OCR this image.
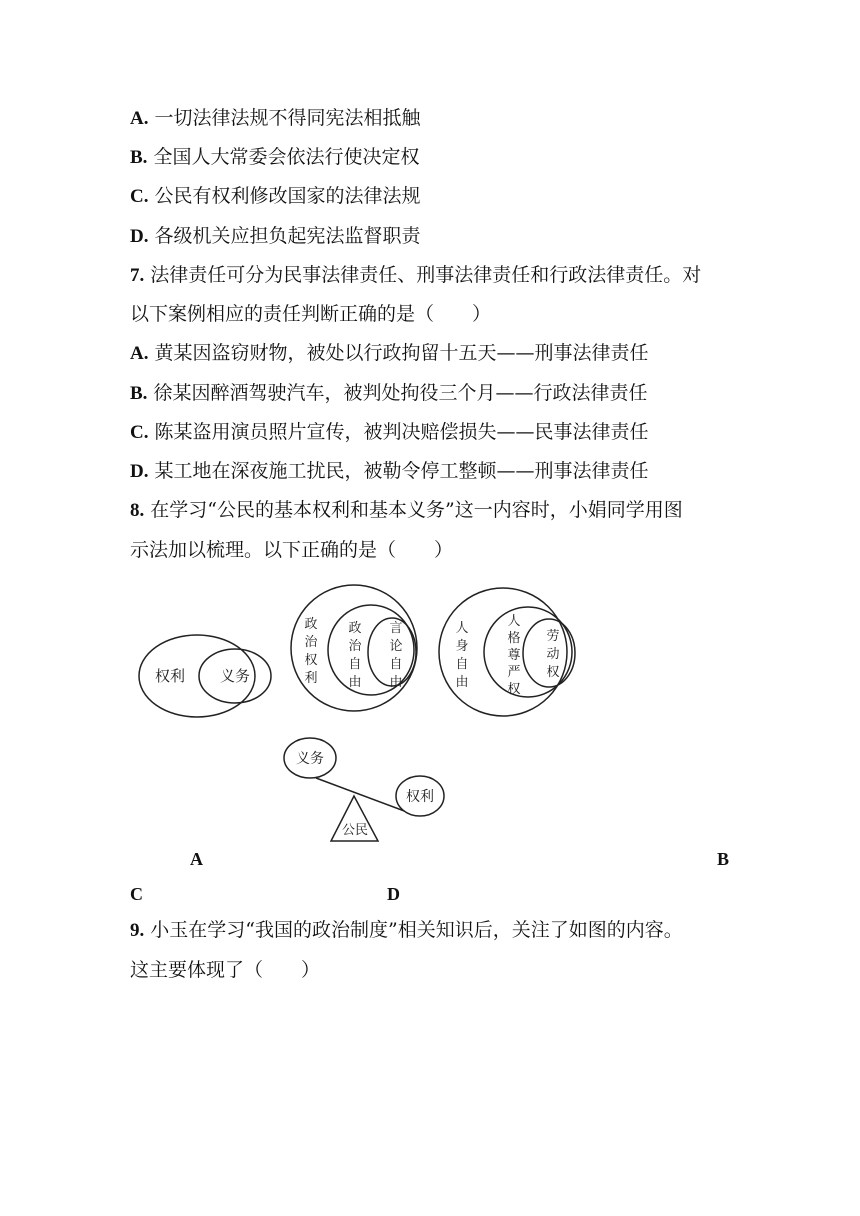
A. 一切法律法规不得同宪法相抵触
B. 全国人大常委会依法行使决定权
C. 公民有权利修改国家的法律法规
D. 各级机关应担负起宪法监督职责
7. 法律责任可分为民事法律责任、刑事法律责任和行政法律责任。对
以下案例相应的责任判断正确的是（　　）
A. 黄某因盗窃财物，被处以行政拘留十五天——刑事法律责任
B. 徐某因醉酒驾驶汽车，被判处拘役三个月——行政法律责任
C. 陈某盗用演员照片宣传，被判决赔偿损失——民事法律责任
D. 某工地在深夜施工扰民，被勒令停工整顿——刑事法律责任
8. 在学习“公民的基本权利和基本义务”这一内容时，小娟同学用图
示法加以梳理。以下正确的是（　　）
权利 义务
政治权利
政治自由
言论自由
人身自由
人格尊严权
劳动权
义务
权利
公民
A	B
C	D
9. 小玉在学习“我国的政治制度”相关知识后，关注了如图的内容。
这主要体现了（　　）
